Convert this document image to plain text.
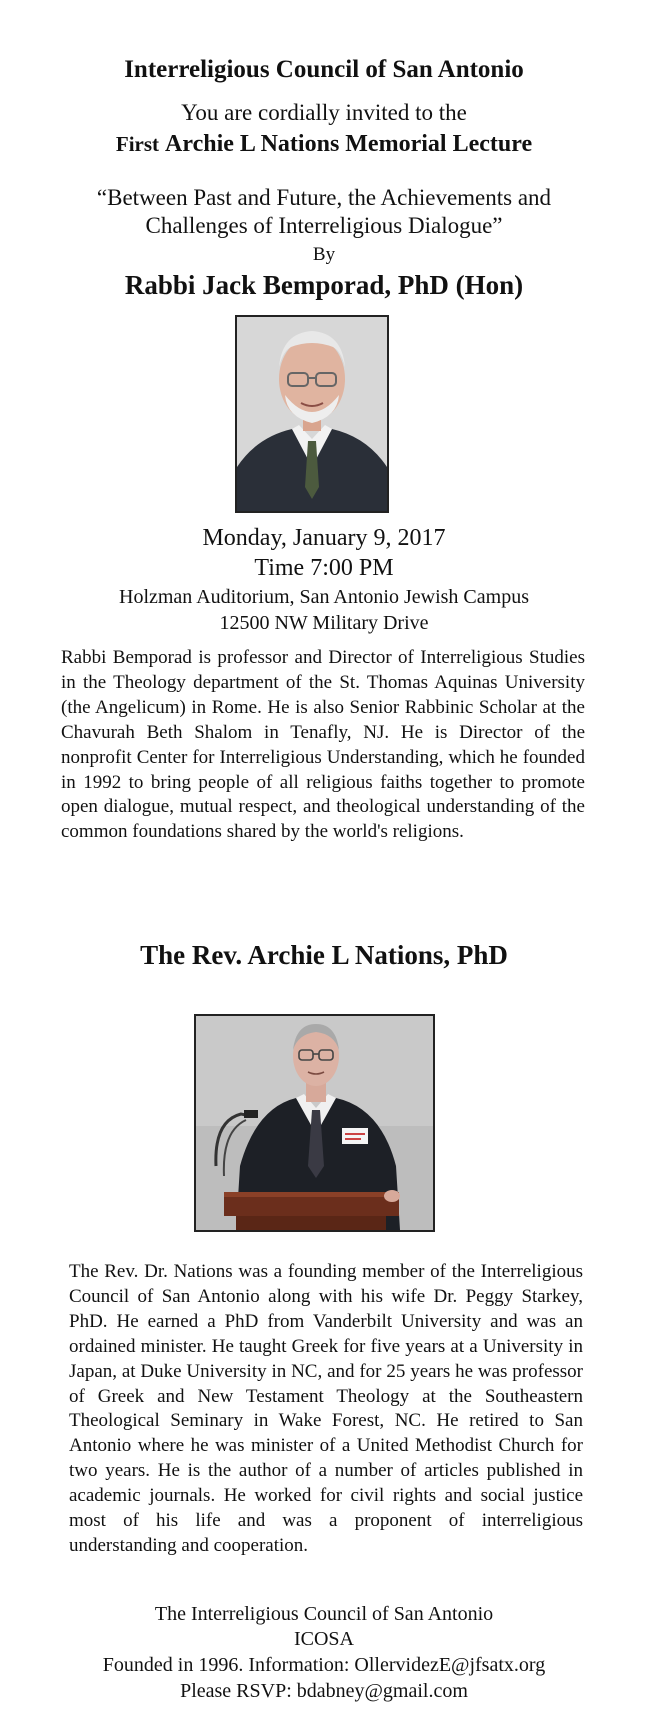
Interreligious Council of San Antonio
You are cordially invited to the
First Archie L Nations Memorial Lecture
“Between Past and Future, the Achievements and
Challenges of Interreligious Dialogue”
By
Rabbi Jack Bemporad, PhD (Hon)
Monday, January 9, 2017
Time 7:00 PM
Holzman Auditorium, San Antonio Jewish Campus
12500 NW Military Drive
Rabbi Bemporad is professor and Director of Interreligious Studies in the Theology department of the St. Thomas Aquinas University (the Angelicum) in Rome. He is also Senior Rabbinic Scholar at the Chavurah Beth Shalom in Tenafly, NJ. He is Director of the nonprofit Center for Interreligious Understanding, which he founded in 1992 to bring people of all religious faiths together to promote open dialogue, mutual respect, and theological understanding of the common foundations shared by the world's religions.
The Rev. Archie L Nations, PhD
The Rev. Dr. Nations was a founding member of the Interreligious Council of San Antonio along with his wife Dr. Peggy Starkey, PhD. He earned a PhD from Vanderbilt University and was an ordained minister. He taught Greek for five years at a University in Japan, at Duke University in NC, and for 25 years he was professor of Greek and New Testament Theology at the Southeastern Theological Seminary in Wake Forest, NC. He retired to San Antonio where he was minister of a United Methodist Church for two years. He is the author of a number of articles published in academic journals. He worked for civil rights and social justice most of his life and was a proponent of interreligious understanding and cooperation.
The Interreligious Council of San Antonio
ICOSA
Founded in 1996. Information: OllervidezE@jfsatx.org
Please RSVP: bdabney@gmail.com
